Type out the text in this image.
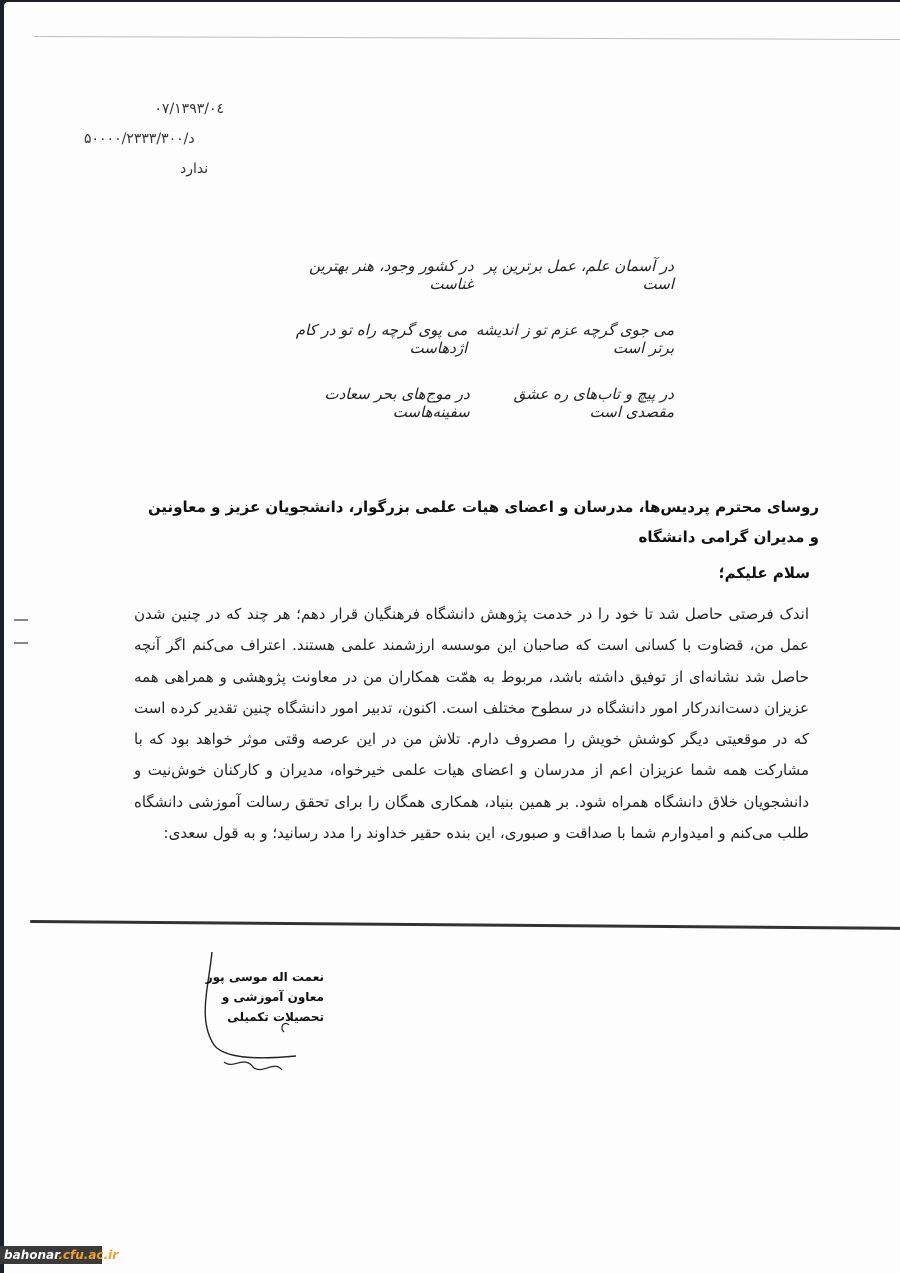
۱۳۹۳/۰٤/۰۷
د/۵۰۰۰۰/۲۳۳۳/۳۰۰
ندارد
در آسمان علم، عمل برترین پر است
در کشور وجود، هنر بهترین غناست
می جوی گرچه عزم تو ز اندیشه برتر است
می پوی گرچه راه تو در کام اژدهاست
در پیچ و تاب‌های ره عشق مقصدی است
در موج‌های بحر سعادت سفینه‌هاست
روسای محترم پردیس‌ها، مدرسان و اعضای هیات علمی بزرگوار، دانشجویان عزیز و معاونین و مدیران گرامی دانشگاه
سلام علیکم؛

اندک فرصتی حاصل شد تا خود را در خدمت پژوهش دانشگاه فرهنگیان قرار دهم؛ هر چند که در چنین شدن عمل من، قضاوت با کسانی است که صاحبان این موسسه ارزشمند علمی هستند. اعتراف می‌کنم اگر آنچه حاصل شد نشانه‌ای از توفیق داشته باشد، مربوط به همّت همکاران من در معاونت پژوهشی و همراهی همه عزیزان دست‌اندرکار امور دانشگاه در سطوح مختلف است. اکنون، تدبیر امور دانشگاه چنین تقدیر کرده است که در موقعیتی دیگر کوشش خویش را مصروف دارم. تلاش من در این عرصه وقتی موثر خواهد بود که با مشارکت همه شما عزیزان اعم از مدرسان و اعضای هیات علمی خیرخواه، مدیران و کارکنان خوش‌نیت و دانشجویان خلاق دانشگاه همراه شود. بر همین بنیاد، همکاری همگان را برای تحقق رسالت آموزشی دانشگاه طلب می‌کنم و امیدوارم شما با صداقت و صبوری، این بنده حقیر خداوند را مدد رسانید؛ و به قول سعدی:

نعمت اله موسی پور
معاون آموزشی و تحصیلات تکمیلی
bahonar.cfu.ac.ir
